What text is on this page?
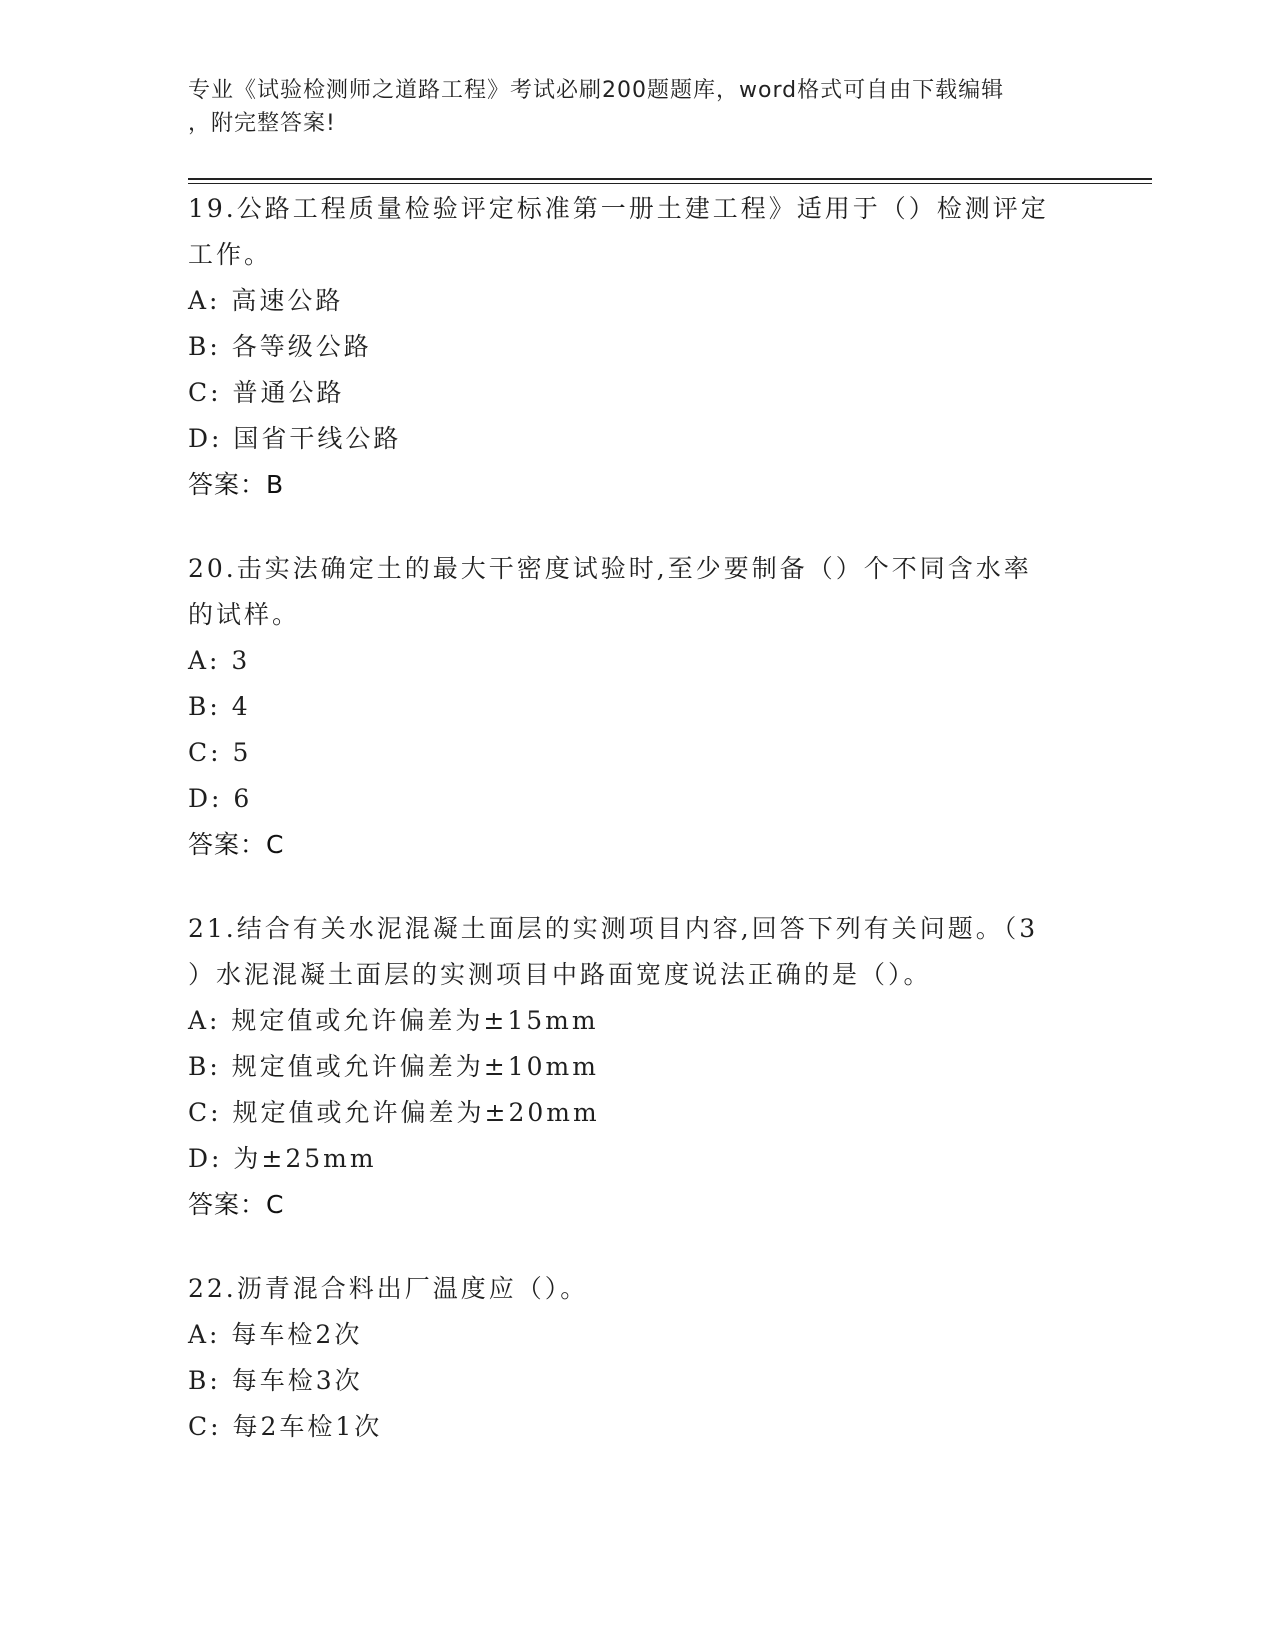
专业《试验检测师之道路工程》考试必刷200题题库，word格式可自由下载编辑
，附完整答案!
19.公路工程质量检验评定标准第一册土建工程》适用于（）检测评定
工作。
A: 高速公路
B: 各等级公路
C: 普通公路
D: 国省干线公路
答案：B
20.击实法确定土的最大干密度试验时,至少要制备（）个不同含水率
的试样。
A: 3
B: 4
C: 5
D: 6
答案：C
21.结合有关水泥混凝土面层的实测项目内容,回答下列有关问题。（3
）水泥混凝土面层的实测项目中路面宽度说法正确的是（）。
A: 规定值或允许偏差为±15mm
B: 规定值或允许偏差为±10mm
C: 规定值或允许偏差为±20mm
D: 为±25mm
答案：C
22.沥青混合料出厂温度应（）。
A: 每车检2次
B: 每车检3次
C: 每2车检1次
